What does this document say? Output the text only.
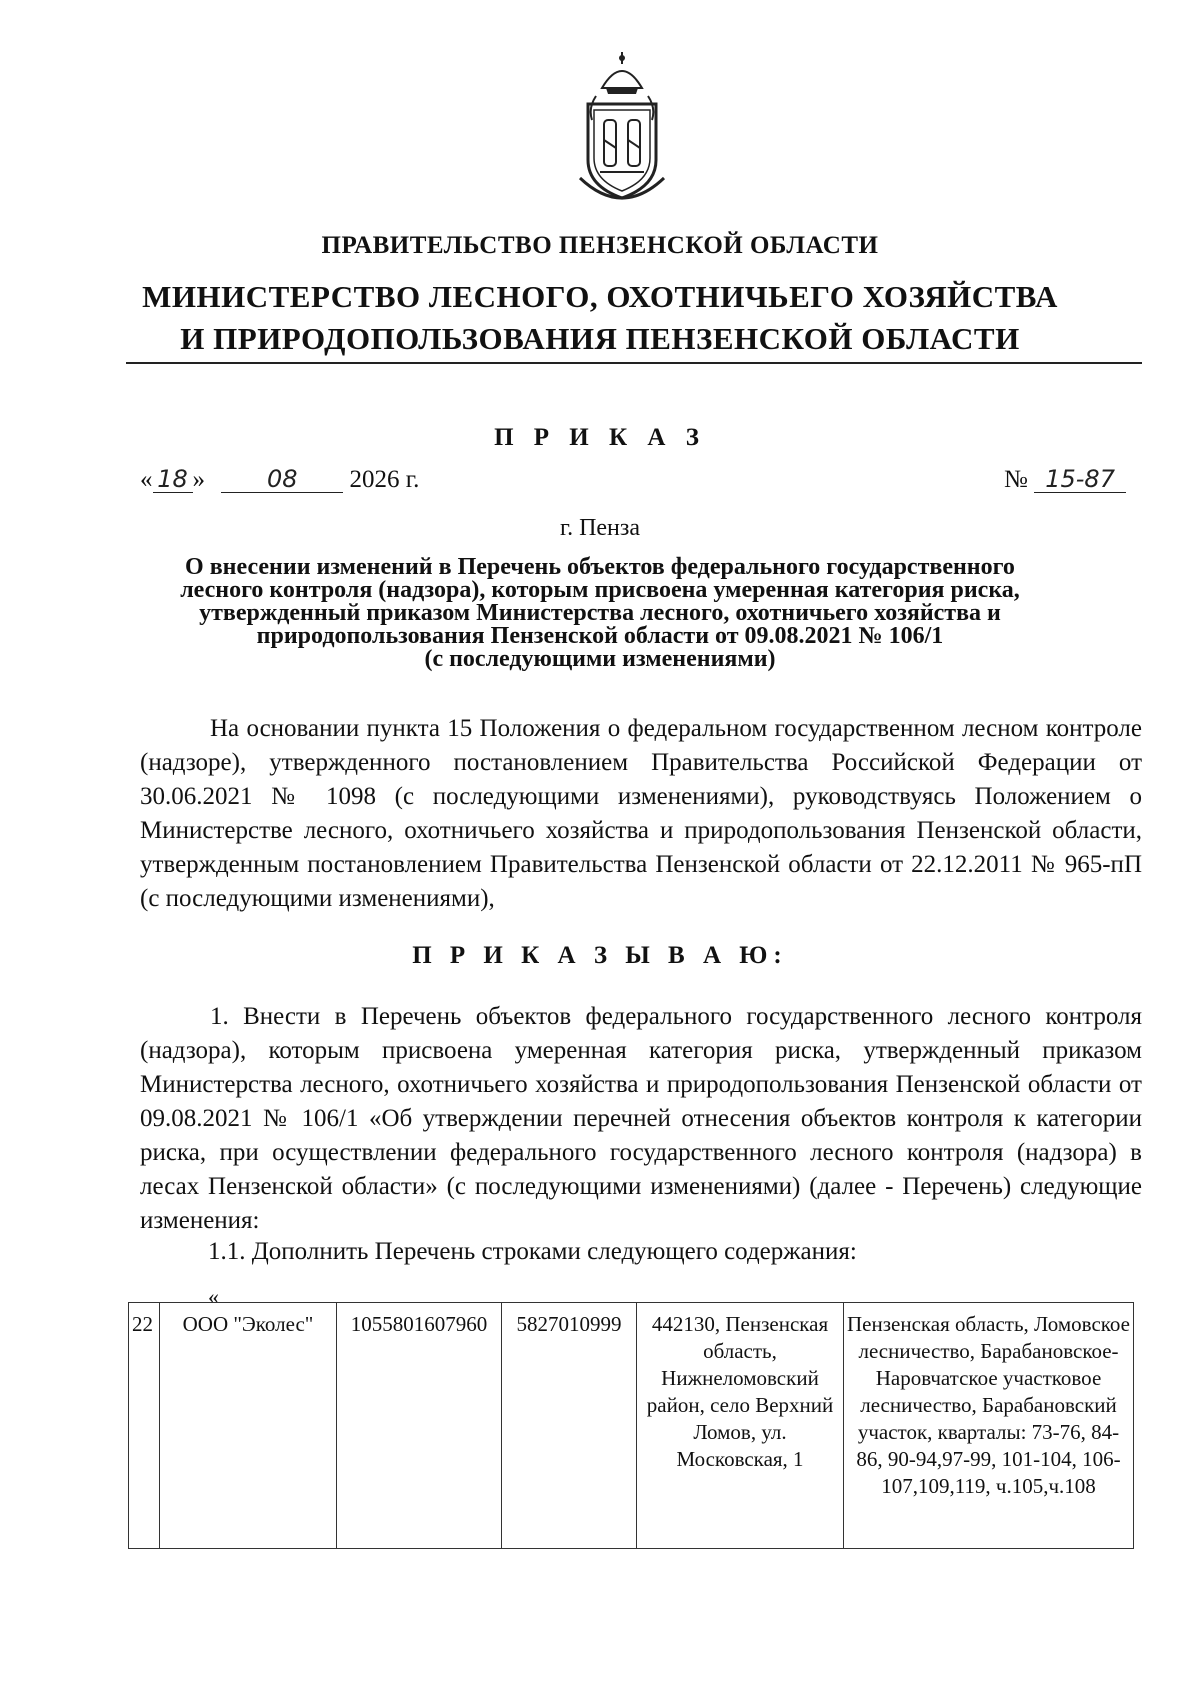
ПРАВИТЕЛЬСТВО ПЕНЗЕНСКОЙ ОБЛАСТИ
МИНИСТЕРСТВО ЛЕСНОГО, ОХОТНИЧЬЕГО ХОЗЯЙСТВА
И ПРИРОДОПОЛЬЗОВАНИЯ ПЕНЗЕНСКОЙ ОБЛАСТИ
П Р И К А З
« 18 »	08 2026 г.	№ 15-87
г. Пенза
О внесении изменений в Перечень объектов федерального государственного
лесного контроля (надзора), которым присвоена умеренная категория риска,
утвержденный приказом Министерства лесного, охотничьего хозяйства и
природопользования Пензенской области от 09.08.2021 № 106/1
(с последующими изменениями)

На основании пункта 15 Положения о федеральном государственном лесном контроле (надзоре), утвержденного постановлением Правительства Российской Федерации от 30.06.2021 № 1098 (с последующими изменениями), руководствуясь Положением о Министерстве лесного, охотничьего хозяйства и природопользования Пензенской области, утвержденным постановлением Правительства Пензенской области от 22.12.2011 № 965-пП (с последующими изменениями),

П Р И К А З Ы В А Ю:

1. Внести в Перечень объектов федерального государственного лесного контроля (надзора), которым присвоена умеренная категория риска, утвержденный приказом Министерства лесного, охотничьего хозяйства и природопользования Пензенской области от 09.08.2021 № 106/1 «Об утверждении перечней отнесения объектов контроля к категории риска, при осуществлении федерального государственного лесного контроля (надзора) в лесах Пензенской области» (с последующими изменениями) (далее - Перечень) следующие изменения:

1.1. Дополнить Перечень строками следующего содержания:
«
22	ООО "Эколес"	1055801607960	5827010999	442130, Пензенская область, Нижнеломовский район, село Верхний Ломов, ул. Московская, 1	Пензенская область, Ломовское лесничество, Барабановское-Наровчатское участковое лесничество, Барабановский участок, кварталы: 73-76, 84-86, 90-94,97-99, 101-104, 106-107,109,119, ч.105,ч.108
